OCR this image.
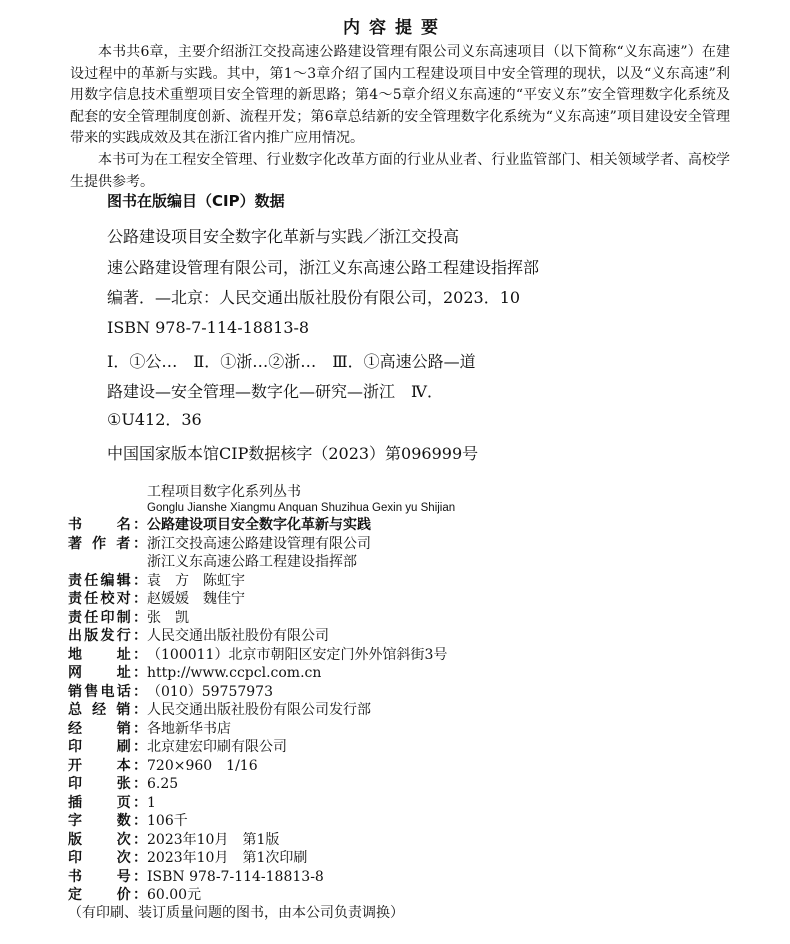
内容提要

本书共6章，主要介绍浙江交投高速公路建设管理有限公司义东高速项目（以下简称“义东高速”）在建设过程中的革新与实践。其中，第1～3章介绍了国内工程建设项目中安全管理的现状，以及“义东高速”利用数字信息技术重塑项目安全管理的新思路；第4～5章介绍义东高速的“平安义东”安全管理数字化系统及配套的安全管理制度创新、流程开发；第6章总结新的安全管理数字化系统为“义东高速”项目建设安全管理带来的实践成效及其在浙江省内推广应用情况。

本书可为在工程安全管理、行业数字化改革方面的行业从业者、行业监管部门、相关领域学者、高校学生提供参考。

图书在版编目（CIP）数据
公路建设项目安全数字化革新与实践／浙江交投高
速公路建设管理有限公司，浙江义东高速公路工程建设指挥部
编著．—北京：人民交通出版社股份有限公司，2023．10
ISBN 978-7-114-18813-8
Ⅰ．①公…　Ⅱ．①浙…②浙…　Ⅲ．①高速公路—道
路建设—安全管理—数字化—研究—浙江　Ⅳ．
①U412．36
中国国家版本馆CIP数据核字（2023）第096999号
工程项目数字化系列丛书
Gonglu Jianshe Xiangmu Anquan Shuzihua Gexin yu Shijian
书　　名：公路建设项目安全数字化革新与实践
著 作 者：浙江交投高速公路建设管理有限公司
浙江义东高速公路工程建设指挥部
责任编辑：袁　方　陈虹宇
责任校对：赵媛媛　魏佳宁
责任印制：张　凯
出版发行：人民交通出版社股份有限公司
地　　址：（100011）北京市朝阳区安定门外外馆斜街3号
网　　址：http://www.ccpcl.com.cn
销售电话：（010）59757973
总 经 销：人民交通出版社股份有限公司发行部
经　　销：各地新华书店
印　　刷：北京建宏印刷有限公司
开　　本：720×960　1/16
印　　张：6.25
插　　页：1
字　　数：106千
版　　次：2023年10月　第1版
印　　次：2023年10月　第1次印刷
书　　号：ISBN 978-7-114-18813-8
定　　价：60.00元
（有印刷、装订质量问题的图书，由本公司负责调换）
